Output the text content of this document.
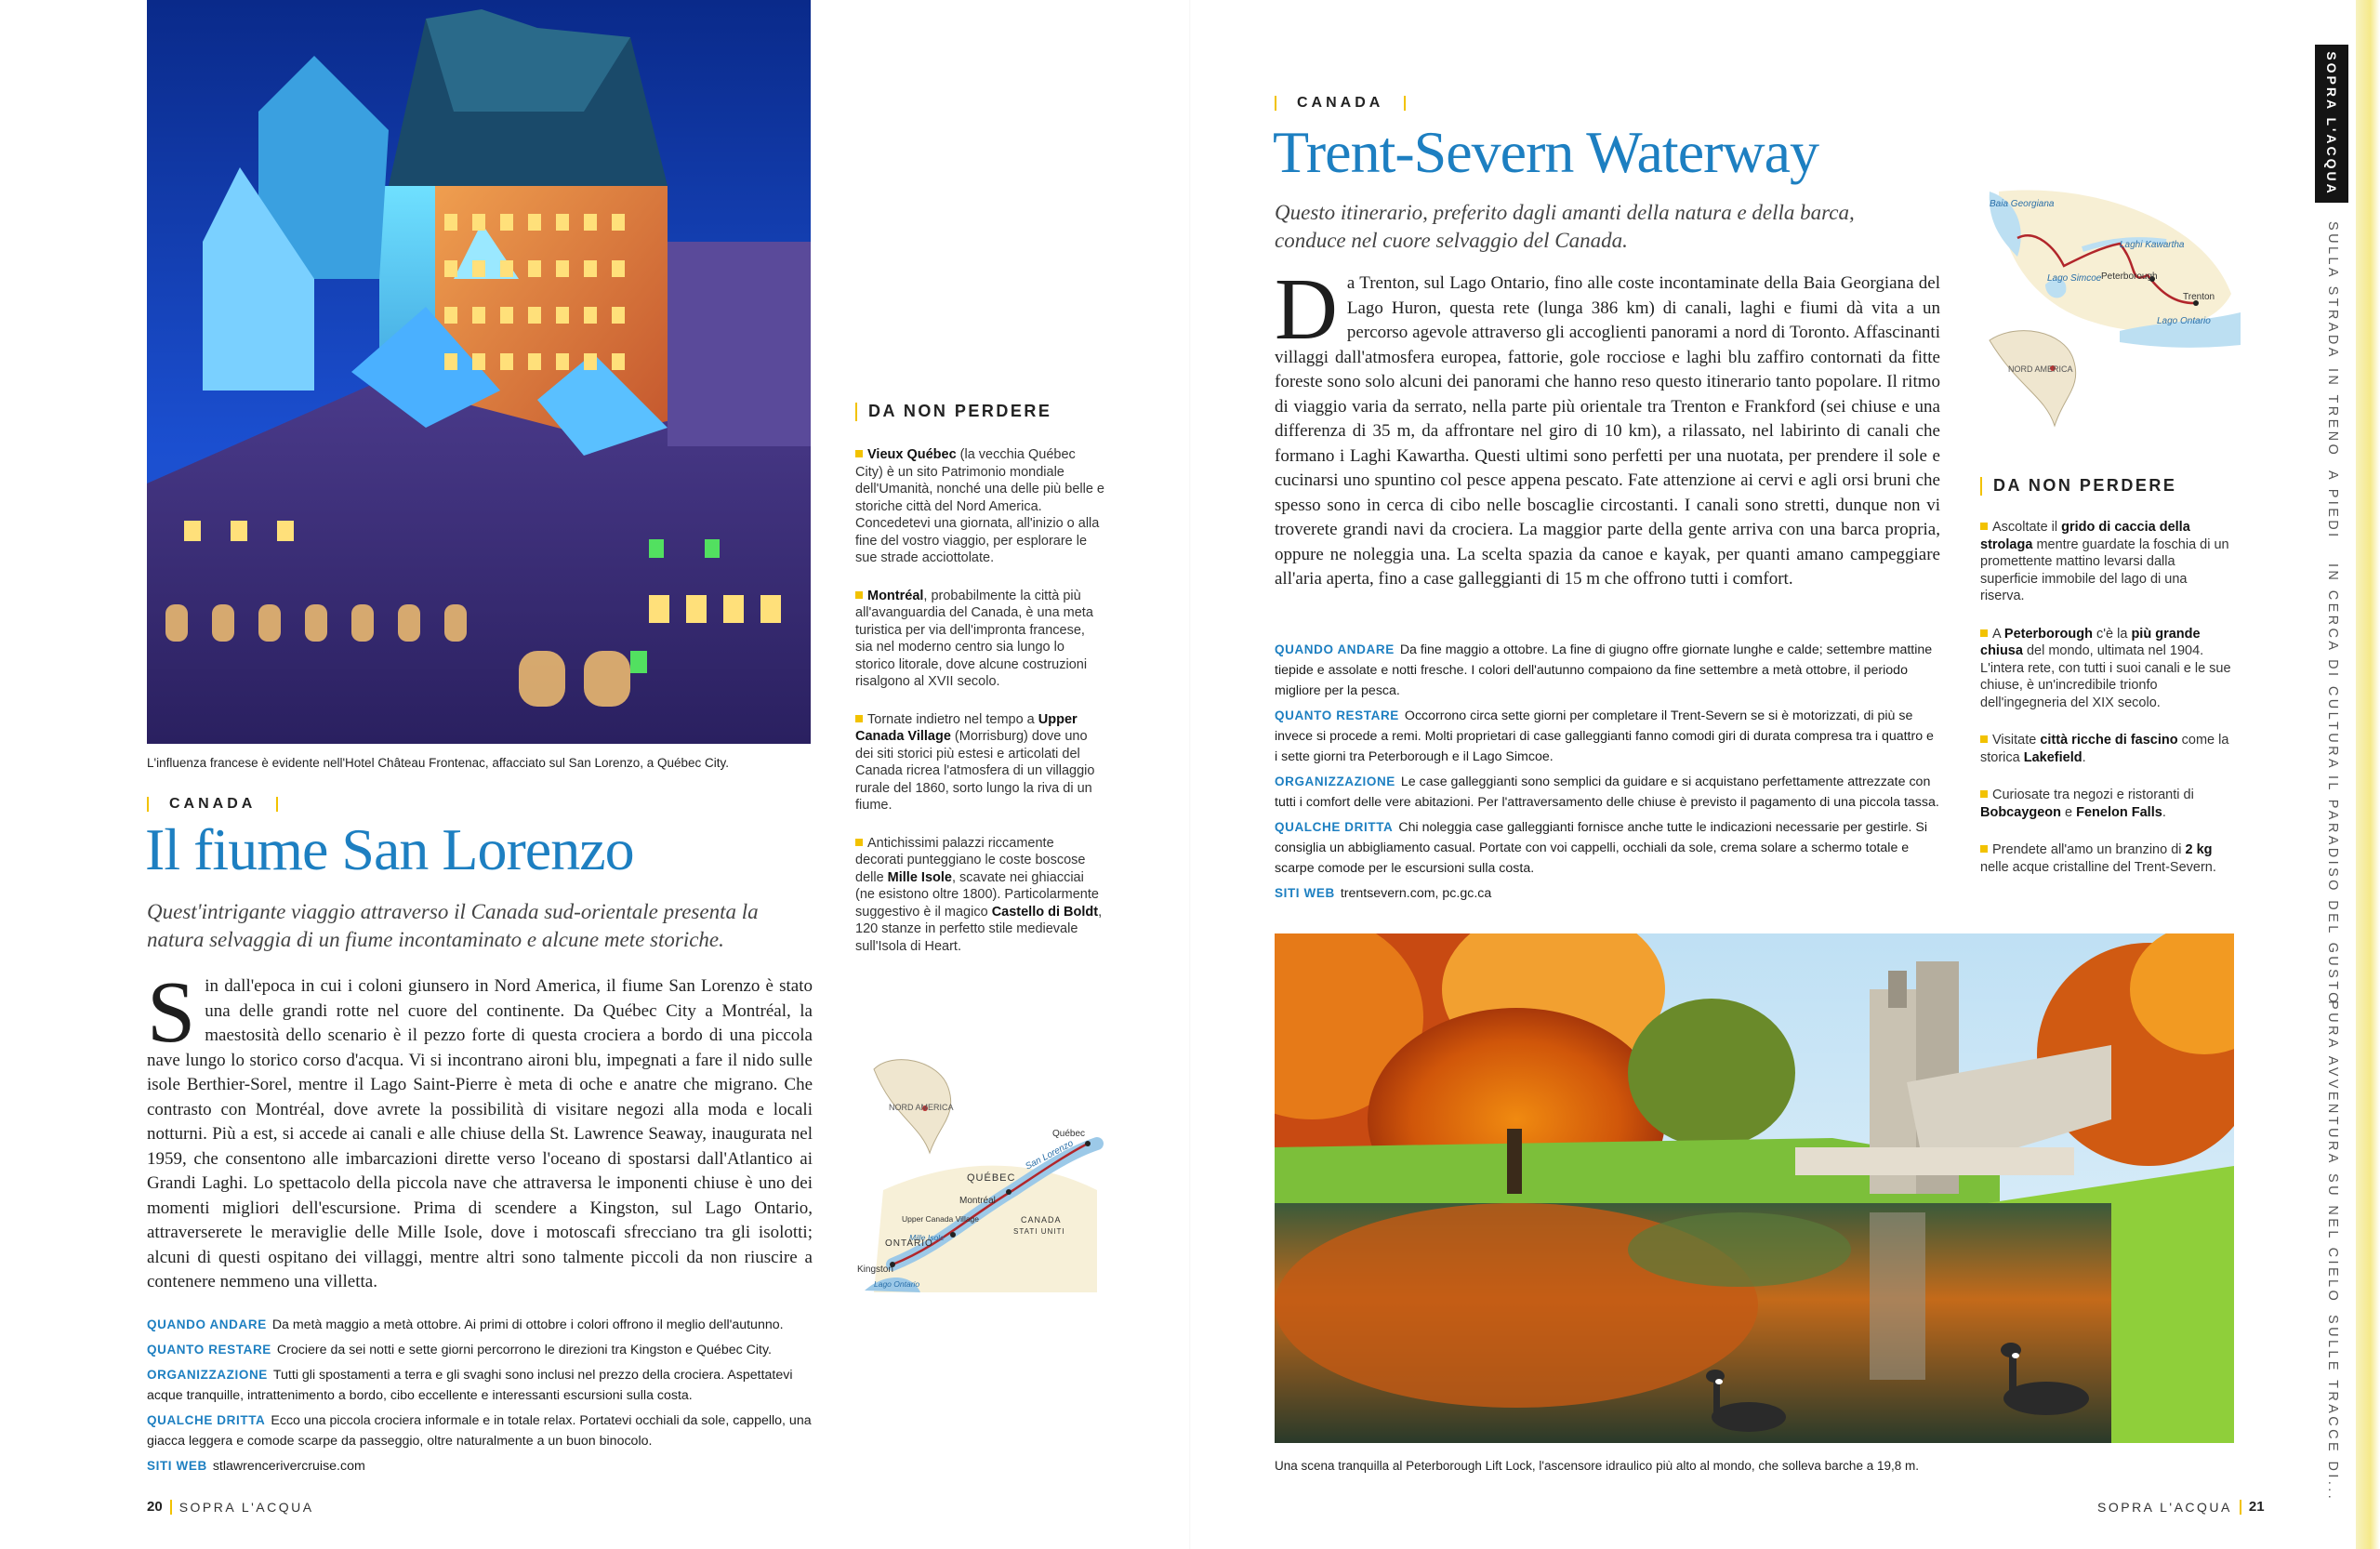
L'influenza francese è evidente nell'Hotel Château Frontenac, affacciato sul San Lorenzo, a Québec City.
CANADA
Il fiume San Lorenzo
Quest'intrigante viaggio attraverso il Canada sud-orientale presenta la natura selvaggia di un fiume incontaminato e alcune mete storiche.
Sin dall'epoca in cui i coloni giunsero in Nord America, il fiume San Lorenzo è stato una delle grandi rotte nel cuore del continente. Da Québec City a Montréal, la maestosità dello scenario è il pezzo forte di questa crociera a bordo di una piccola nave lungo lo storico corso d'acqua. Vi si incontrano aironi blu, impegnati a fare il nido sulle isole Berthier-Sorel, mentre il Lago Saint-Pierre è meta di oche e anatre che migrano. Che contrasto con Montréal, dove avrete la possibilità di visitare negozi alla moda e locali notturni. Più a est, si accede ai canali e alle chiuse della St. Lawrence Seaway, inaugurata nel 1959, che consentono alle imbarcazioni dirette verso l'oceano di spostarsi dall'Atlantico ai Grandi Laghi. Lo spettacolo della piccola nave che attraversa le imponenti chiuse è uno dei momenti migliori dell'escursione. Prima di scendere a Kingston, sul Lago Ontario, attraverserete le meraviglie delle Mille Isole, dove i motoscafi sfrecciano tra gli isolotti; alcuni di questi ospitano dei villaggi, mentre altri sono talmente piccoli da non riuscire a contenere nemmeno una villetta.

QUANDO ANDARE Da metà maggio a metà ottobre. Ai primi di ottobre i colori offrono il meglio dell'autunno.

QUANTO RESTARE Crociere da sei notti e sette giorni percorrono le direzioni tra Kingston e Québec City.

ORGANIZZAZIONE Tutti gli spostamenti a terra e gli svaghi sono inclusi nel prezzo della crociera. Aspettatevi acque tranquille, intrattenimento a bordo, cibo eccellente e interessanti escursioni sulla costa.

QUALCHE DRITTA Ecco una piccola crociera informale e in totale relax. Portatevi occhiali da sole, cappello, una giacca leggera e comode scarpe da passeggio, oltre naturalmente a un buon binocolo.

SITI WEB stlawrencerivercruise.com

DA NON PERDERE

Vieux Québec (la vecchia Québec City) è un sito Patrimonio mondiale dell'Umanità, nonché una delle più belle e storiche città del Nord America. Concedetevi una giornata, all'inizio o alla fine del vostro viaggio, per esplorare le sue strade acciottolate.

Montréal, probabilmente la città più all'avanguardia del Canada, è una meta turistica per via dell'impronta francese, sia nel moderno centro sia lungo lo storico litorale, dove alcune costruzioni risalgono al XVII secolo.

Tornate indietro nel tempo a Upper Canada Village (Morrisburg) dove uno dei siti storici più estesi e articolati del Canada ricrea l'atmosfera di un villaggio rurale del 1860, sorto lungo la riva di un fiume.

Antichissimi palazzi riccamente decorati punteggiano le coste boscose delle Mille Isole, scavate nei ghiacciai (ne esistono oltre 1800). Particolarmente suggestivo è il magico Castello di Boldt, 120 stanze in perfetto stile medievale sull'Isola di Heart.

NORD AMERICA
Québec
QUÉBEC
Montréal
San Lorenzo
Upper Canada Village
Mille Isole
CANADA
STATI UNITI
ONTARIO
Kingston
Lago Ontario
20 SOPRA L'ACQUA
CANADA
Trent-Severn Waterway
Questo itinerario, preferito dagli amanti della natura e della barca, conduce nel cuore selvaggio del Canada.
Da Trenton, sul Lago Ontario, fino alle coste incontaminate della Baia Georgiana del Lago Huron, questa rete (lunga 386 km) di canali, laghi e fiumi dà vita a un percorso agevole attraverso gli accoglienti panorami a nord di Toronto. Affascinanti villaggi dall'atmosfera europea, fattorie, gole rocciose e laghi blu zaffiro contornati da fitte foreste sono solo alcuni dei panorami che hanno reso questo itinerario tanto popolare. Il ritmo di viaggio varia da serrato, nella parte più orientale tra Trenton e Frankford (sei chiuse e una differenza di 35 m, da affrontare nel giro di 10 km), a rilassato, nel labirinto di canali che formano i Laghi Kawartha. Questi ultimi sono perfetti per una nuotata, per prendere il sole e cucinarsi uno spuntino col pesce appena pescato. Fate attenzione ai cervi e agli orsi bruni che spesso sono in cerca di cibo nelle boscaglie circostanti. I canali sono stretti, dunque non vi troverete grandi navi da crociera. La maggior parte della gente arriva con una barca propria, oppure ne noleggia una. La scelta spazia da canoe e kayak, per quanti amano campeggiare all'aria aperta, fino a case galleggianti di 15 m che offrono tutti i comfort.

QUANDO ANDARE Da fine maggio a ottobre. La fine di giugno offre giornate lunghe e calde; settembre mattine tiepide e assolate e notti fresche. I colori dell'autunno compaiono da fine settembre a metà ottobre, il periodo migliore per la pesca.

QUANTO RESTARE Occorrono circa sette giorni per completare il Trent-Severn se si è motorizzati, di più se invece si procede a remi. Molti proprietari di case galleggianti fanno comodi giri di durata compresa tra i quattro e i sette giorni tra Peterborough e il Lago Simcoe.

ORGANIZZAZIONE Le case galleggianti sono semplici da guidare e si acquistano perfettamente attrezzate con tutti i comfort delle vere abitazioni. Per l'attraversamento delle chiuse è previsto il pagamento di una piccola tassa.

QUALCHE DRITTA Chi noleggia case galleggianti fornisce anche tutte le indicazioni necessarie per gestirle. Si consiglia un abbigliamento casual. Portate con voi cappelli, occhiali da sole, crema solare a schermo totale e scarpe comode per le escursioni sulla costa.

SITI WEB trentsevern.com, pc.gc.ca

Baia Georgiana
Laghi Kawartha
Lago Simcoe
Lago Ontario
Peterborough
Trenton
NORD AMERICA
DA NON PERDERE

Ascoltate il grido di caccia della strolaga mentre guardate la foschia di un promettente mattino levarsi dalla superficie immobile del lago di una riserva.

A Peterborough c'è la più grande chiusa del mondo, ultimata nel 1904. L'intera rete, con tutti i suoi canali e le sue chiuse, è un'incredibile trionfo dell'ingegneria del XIX secolo.

Visitate città ricche di fascino come la storica Lakefield.

Curiosate tra negozi e ristoranti di Bobcaygeon e Fenelon Falls.

Prendete all'amo un branzino di 2 kg nelle acque cristalline del Trent-Severn.

Una scena tranquilla al Peterborough Lift Lock, l'ascensore idraulico più alto al mondo, che solleva barche a 19,8 m.
SOPRA L'ACQUA 21
SOPRA L'ACQUA
SULLA STRADA
IN TRENO
A PIEDI
IN CERCA DI CULTURA
IL PARADISO DEL GUSTO
PURA AVVENTURA
SU NEL CIELO
SULLE TRACCE DI...
